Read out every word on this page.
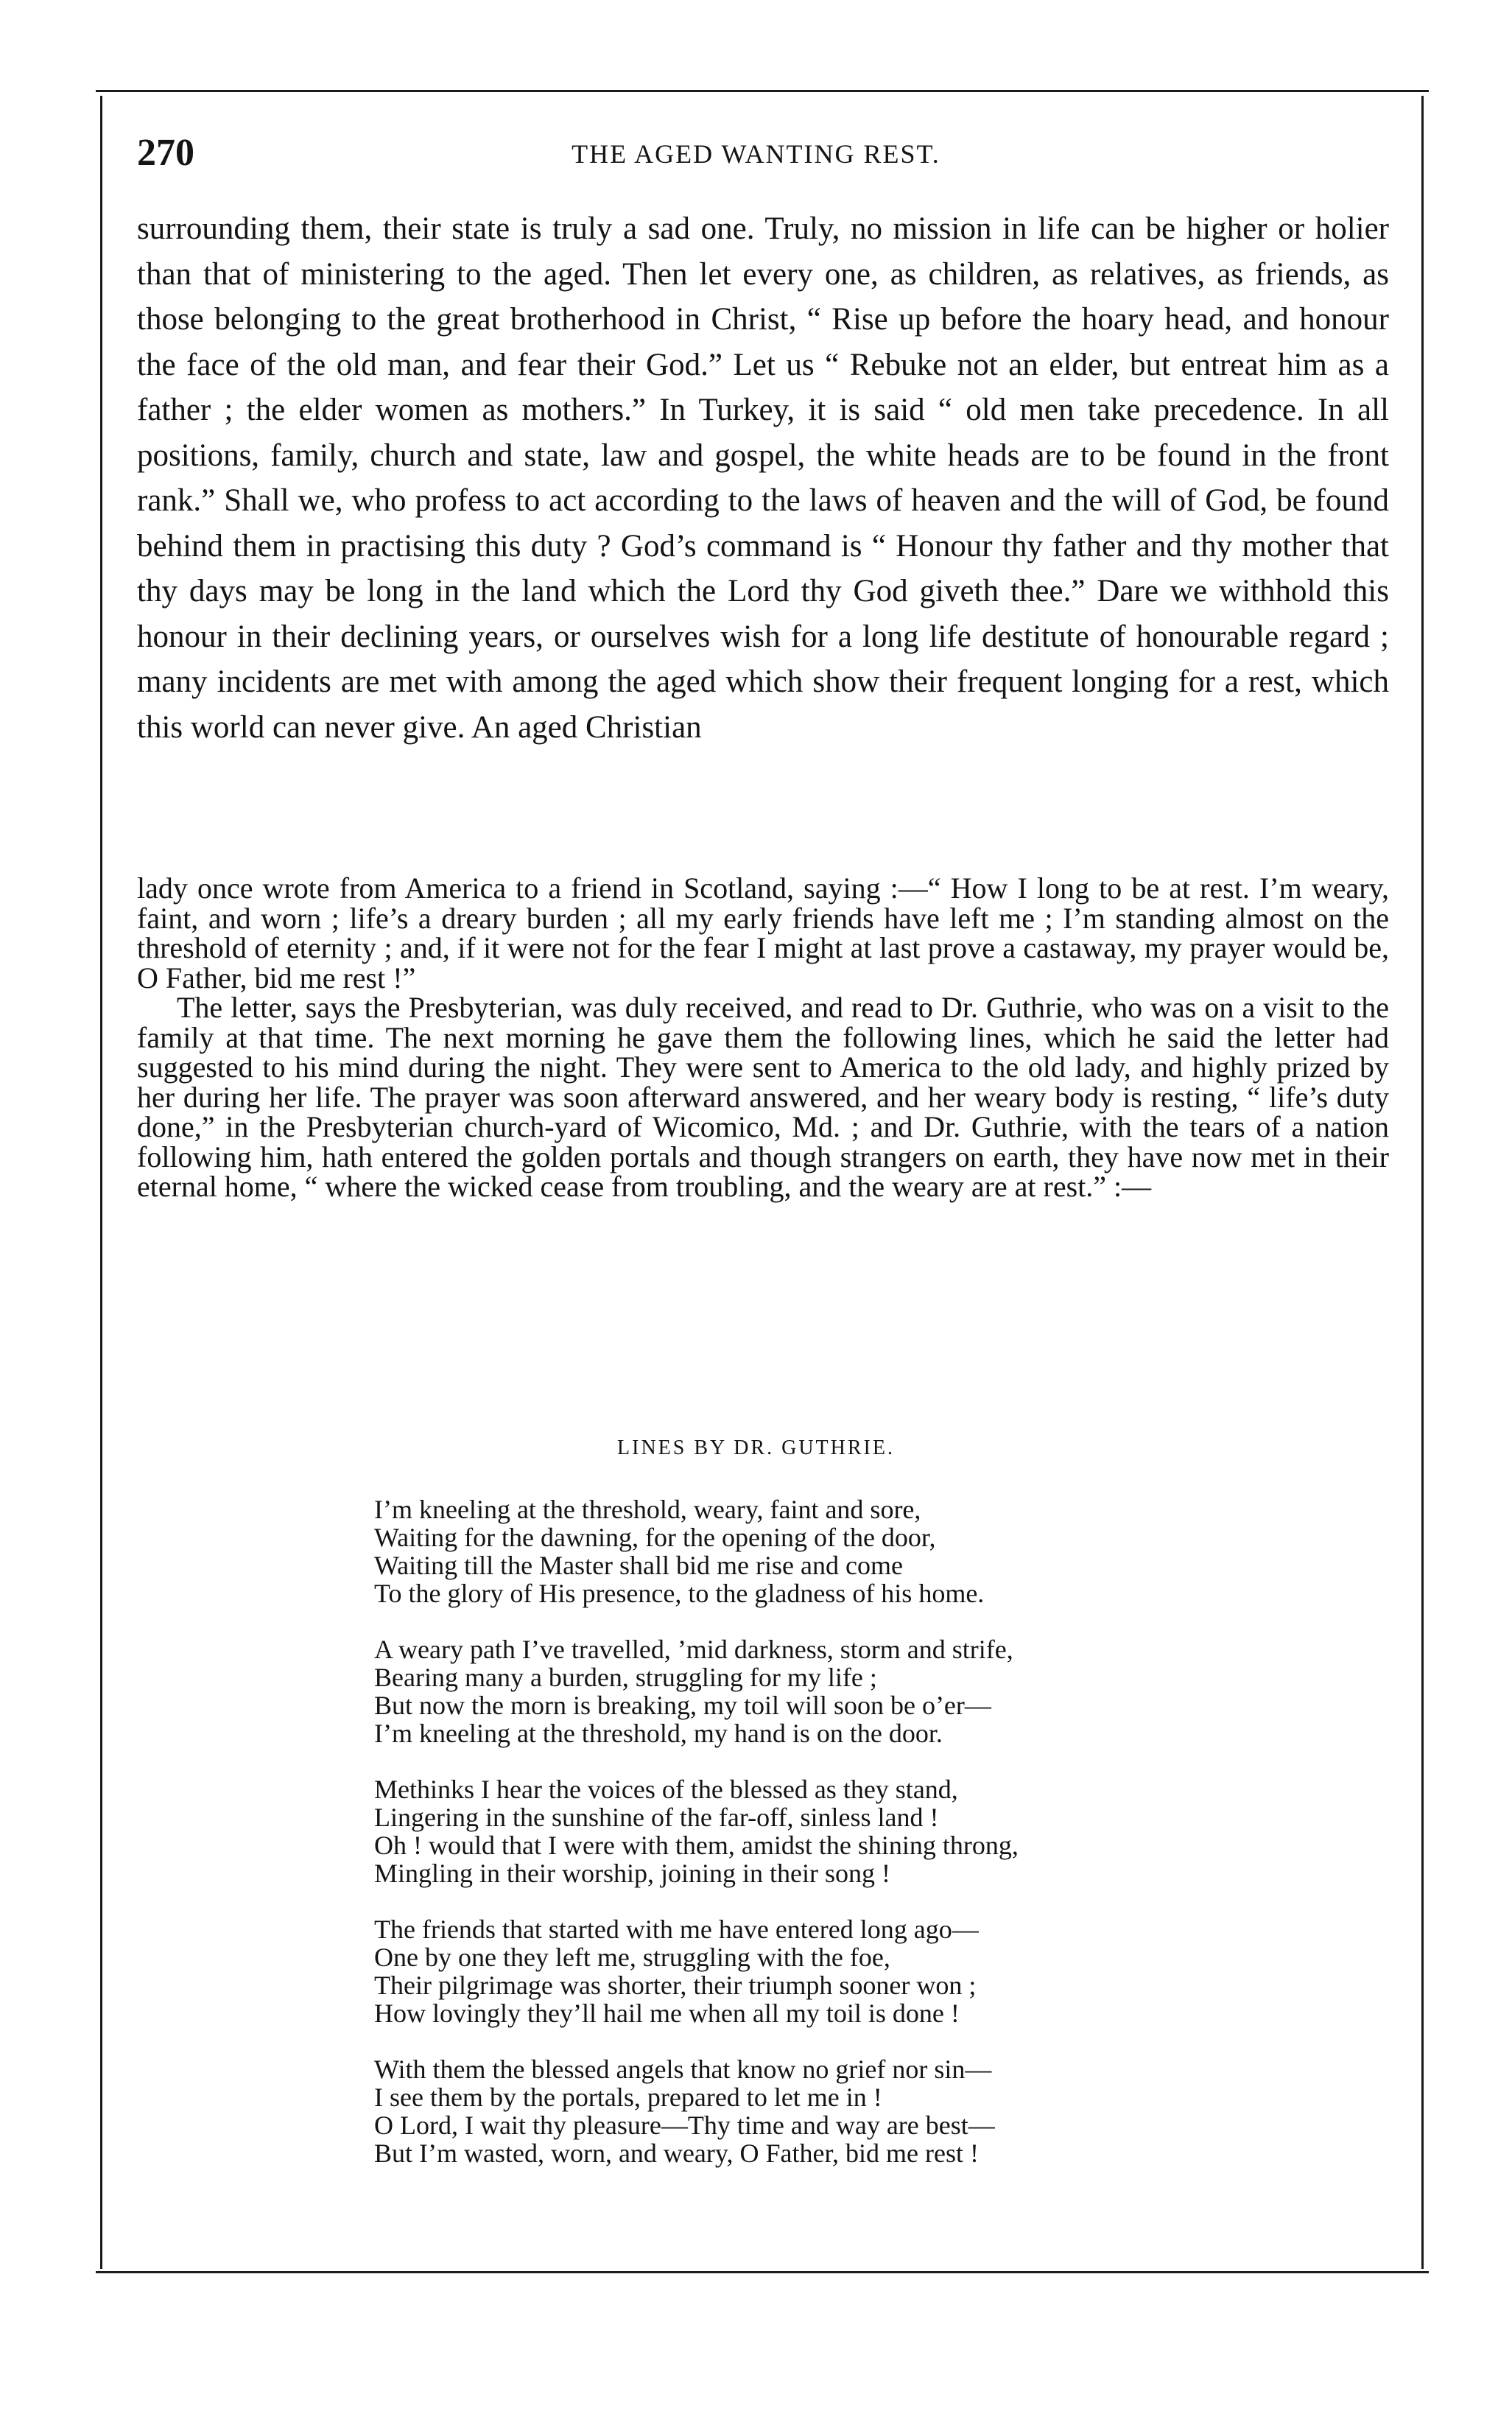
270	THE AGED WANTING REST.

surrounding them, their state is truly a sad one. Truly, no mission in life can be higher or holier than that of ministering to the aged. Then let every one, as children, as relatives, as friends, as those belonging to the great brotherhood in Christ, “ Rise up before the hoary head, and honour the face of the old man, and fear their God.” Let us “ Rebuke not an elder, but entreat him as a father ; the elder women as mothers.” In Turkey, it is said “ old men take precedence. In all positions, family, church and state, law and gospel, the white heads are to be found in the front rank.” Shall we, who profess to act according to the laws of heaven and the will of God, be found behind them in practising this duty ? God’s command is “ Honour thy father and thy mother that thy days may be long in the land which the Lord thy God giveth thee.” Dare we withhold this honour in their declining years, or ourselves wish for a long life destitute of honourable regard ; many incidents are met with among the aged which show their frequent longing for a rest, which this world can never give. An aged Christian

lady once wrote from America to a friend in Scotland, saying :—“ How I long to be at rest. I’m weary, faint, and worn ; life’s a dreary burden ; all my early friends have left me ; I’m standing almost on the threshold of eternity ; and, if it were not for the fear I might at last prove a castaway, my prayer would be, O Father, bid me rest !”

The letter, says the Presbyterian, was duly received, and read to Dr. Guthrie, who was on a visit to the family at that time. The next morning he gave them the following lines, which he said the letter had suggested to his mind during the night. They were sent to America to the old lady, and highly prized by her during her life. The prayer was soon afterward answered, and her weary body is resting, “ life’s duty done,” in the Presbyterian church-yard of Wicomico, Md. ; and Dr. Guthrie, with the tears of a nation following him, hath entered the golden portals and though strangers on earth, they have now met in their eternal home, “ where the wicked cease from troubling, and the weary are at rest.” :—

LINES BY DR. GUTHRIE.
I’m kneeling at the threshold, weary, faint and sore,
Waiting for the dawning, for the opening of the door,
Waiting till the Master shall bid me rise and come
To the glory of His presence, to the gladness of his home.
A weary path I’ve travelled, ’mid darkness, storm and strife,
Bearing many a burden, struggling for my life ;
But now the morn is breaking, my toil will soon be o’er—
I’m kneeling at the threshold, my hand is on the door.
Methinks I hear the voices of the blessed as they stand,
Lingering in the sunshine of the far-off, sinless land !
Oh ! would that I were with them, amidst the shining throng,
Mingling in their worship, joining in their song !
The friends that started with me have entered long ago—
One by one they left me, struggling with the foe,
Their pilgrimage was shorter, their triumph sooner won ;
How lovingly they’ll hail me when all my toil is done !
With them the blessed angels that know no grief nor sin—
I see them by the portals, prepared to let me in !
O Lord, I wait thy pleasure—Thy time and way are best—
But I’m wasted, worn, and weary, O Father, bid me rest !
